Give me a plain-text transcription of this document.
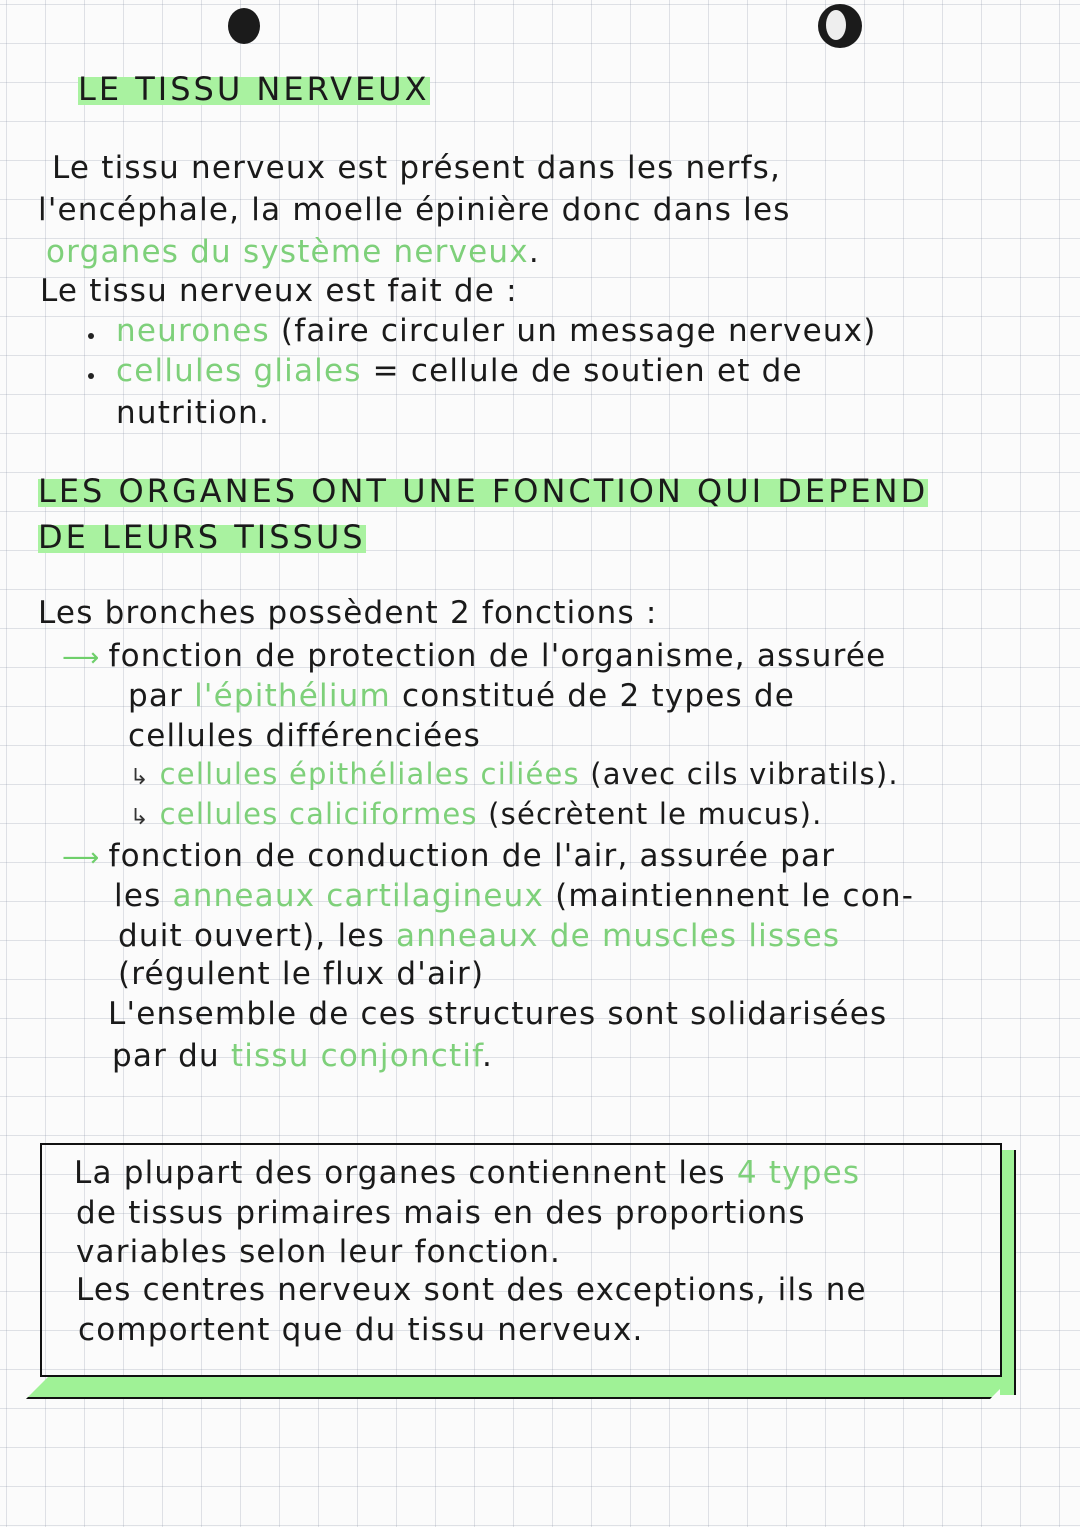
LE TISSU NERVEUX
Le tissu nerveux est présent dans les nerfs,
l'encéphale, la moelle épinière donc dans les
organes du système nerveux.
Le tissu nerveux est fait de :
neurones (faire circuler un message nerveux)
cellules gliales = cellule de soutien et de
nutrition.
LES ORGANES ONT UNE FONCTION QUI DEPEND
DE LEURS TISSUS
Les bronches possèdent 2 fonctions :
⟶ fonction de protection de l'organisme, assurée
par l'épithélium constitué de 2 types de
cellules différenciées
↳ cellules épithéliales ciliées (avec cils vibratils).
↳ cellules caliciformes (sécrètent le mucus).
⟶ fonction de conduction de l'air, assurée par
les anneaux cartilagineux (maintiennent le con-
duit ouvert), les anneaux de muscles lisses
(régulent le flux d'air)
L'ensemble de ces structures sont solidarisées
par du tissu conjonctif.
La plupart des organes contiennent les 4 types
de tissus primaires mais en des proportions
variables selon leur fonction.
Les centres nerveux sont des exceptions, ils ne
comportent que du tissu nerveux.
